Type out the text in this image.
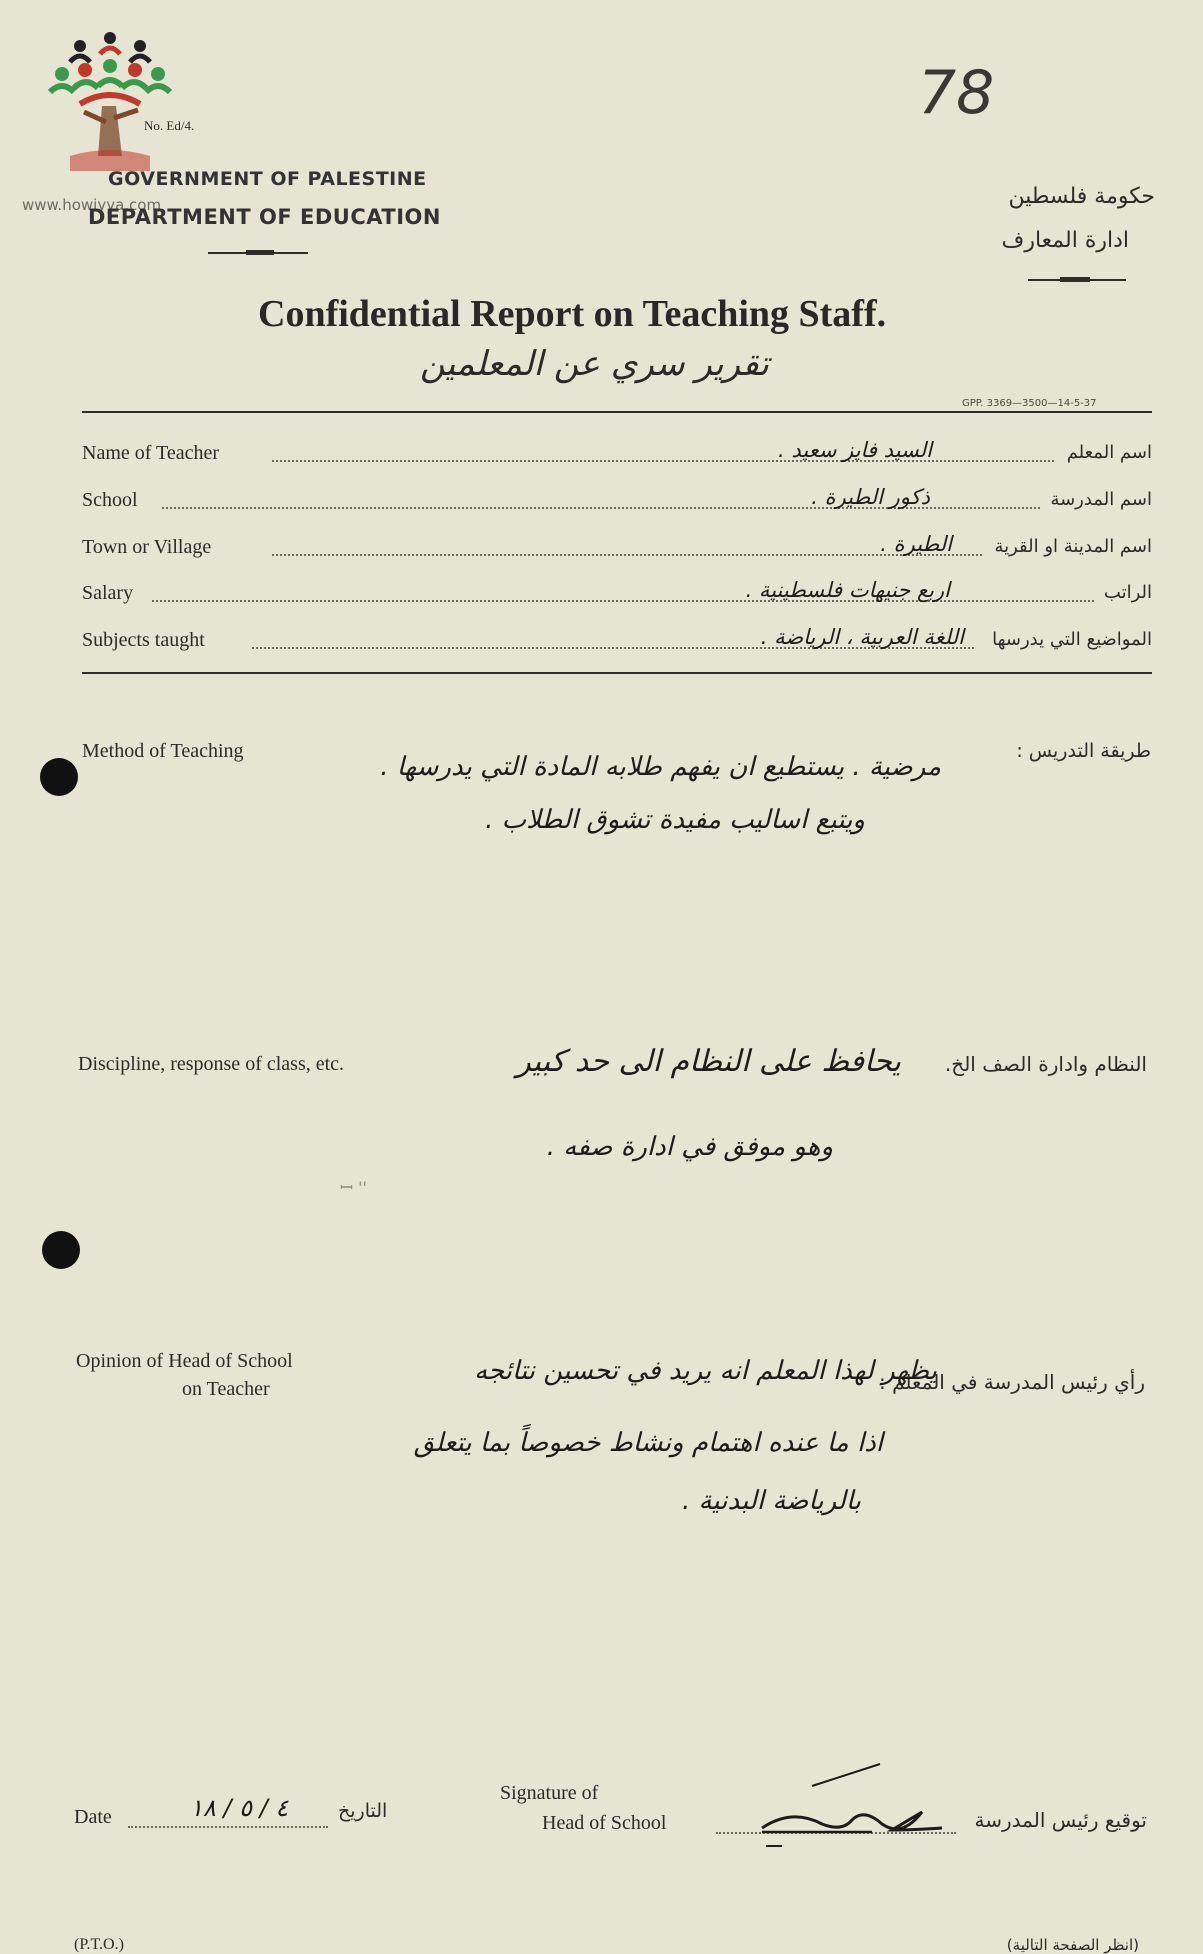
www.howiyya.com
No. Ed/4.
GOVERNMENT OF PALESTINE
DEPARTMENT OF EDUCATION
78
حكومة فلسطين
ادارة المعارف
Confidential Report on Teaching Staff.
تقرير سري عن المعلمين
GPP. 3369—3500—14-5-37
Name of Teacher	السيد فايز سعيد .	اسم المعلم
School	ذكور الطيرة .	اسم المدرسة
Town or Village	الطيرة . اسم المدينة او القرية
Salary	اربع جنيهات فلسطينية .	الراتب
Subjects taught	اللغة العربية ، الرياضة . المواضيع التي يدرسها
Method of Teaching	طريقة التدريس :
مرضية . يستطيع ان يفهم طلابه المادة التي يدرسها .
ويتبع اساليب مفيدة تشوق الطلاب .
Discipline, response of class, etc.	النظام وادارة الصف الخ.
يحافظ على النظام الى حد كبير
وهو موفق في ادارة صفه .
ꟷ ''
Opinion of Head of School
on Teacher	رأي رئيس المدرسة في المعلم :
يظهر لهذا المعلم انه يريد في تحسين نتائجه
اذا ما عنده اهتمام ونشاط خصوصاً بما يتعلق
بالرياضة البدنية .
Date	٤ / ٥ / ١٨	التاريخ
Signature of
Head of School	توقيع رئيس المدرسة
(P.T.O.)	(انظر الصفحة التالية)
